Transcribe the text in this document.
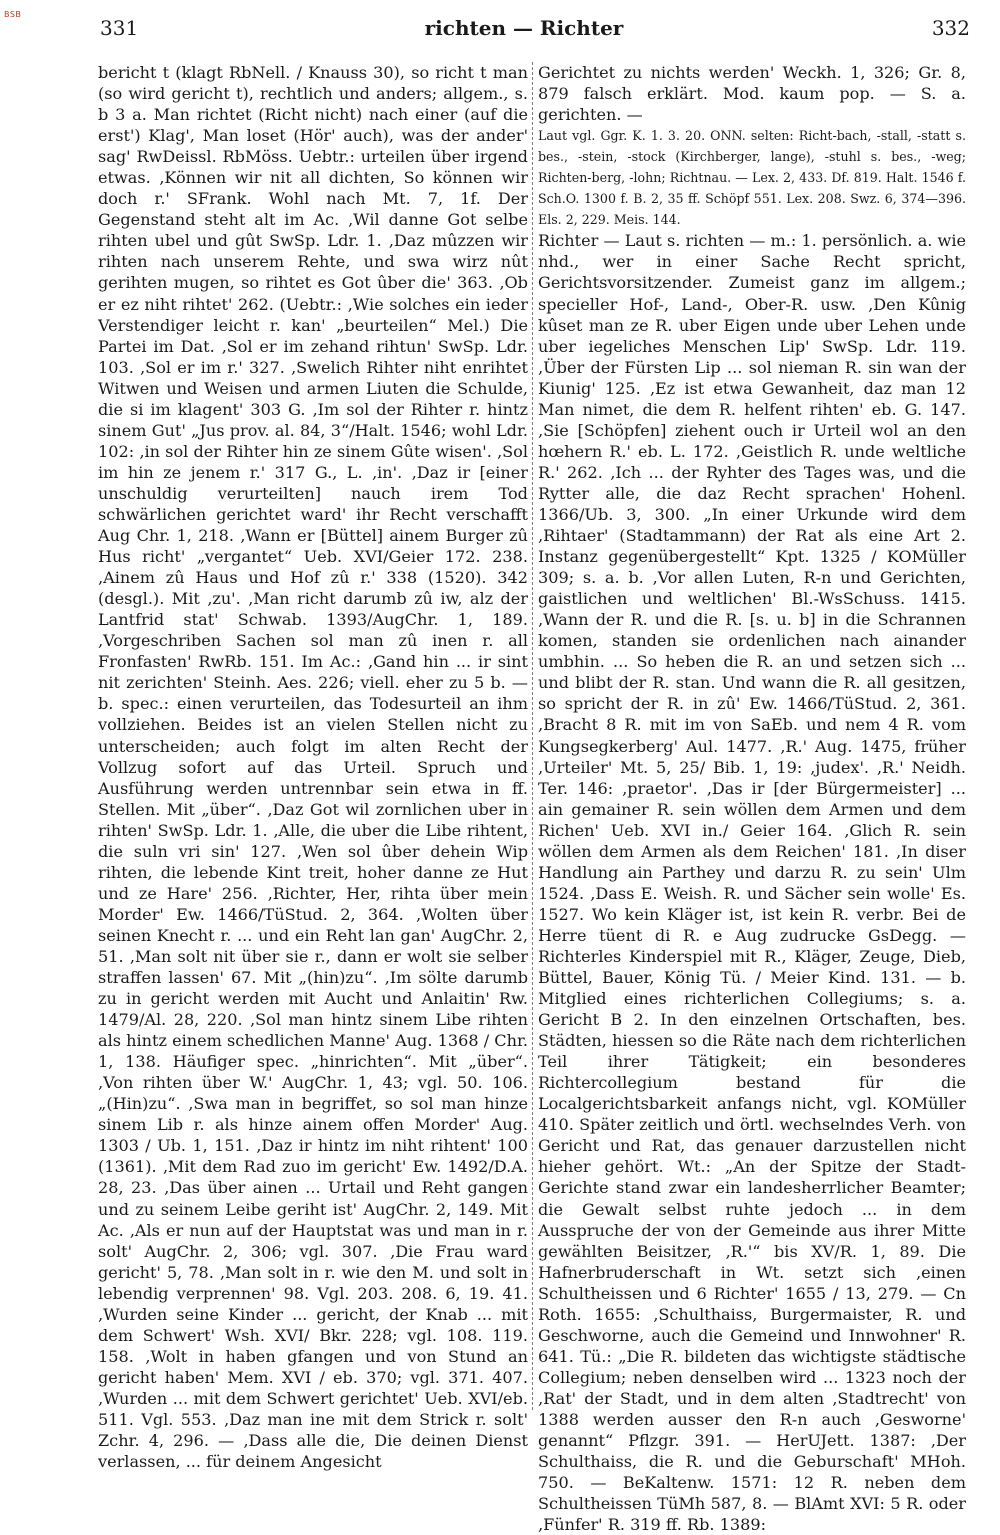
BSB
331	richten — Richter	332

bericht t (klagt RbNell. / Knauss 30), so richt t man (so wird gericht t), rechtlich und anders; allgem., s. b 3 a. Man richtet (Richt nicht) nach einer (auf die erst') Klag', Man loset (Hör' auch), was der ander' sag' RwDeissl. RbMöss. Uebtr.: urteilen über irgend etwas. ‚Können wir nit all dichten, So können wir doch r.' SFrank. Wohl nach Mt. 7, 1f. Der Gegenstand steht alt im Ac. ‚Wil danne Got selbe rihten ubel und gût SwSp. Ldr. 1. ‚Daz mûzzen wir rihten nach unserem Rehte, und swa wirz nût gerihten mugen, so rihtet es Got ûber die' 363. ‚Ob er ez niht rihtet' 262. (Uebtr.: ‚Wie solches ein ieder Verstendiger leicht r. kan' „beurteilen“ Mel.) Die Partei im Dat. ‚Sol er im zehand rihtun' SwSp. Ldr. 103. ‚Sol er im r.' 327. ‚Swelich Rihter niht enrihtet Witwen und Weisen und armen Liuten die Schulde, die si im klagent' 303 G. ‚Im sol der Rihter r. hintz sinem Gut' „Jus prov. al. 84, 3“/Halt. 1546; wohl Ldr. 102: ‚in sol der Rihter hin ze sinem Gûte wisen'. ‚Sol im hin ze jenem r.' 317 G., L. ‚in'. ‚Daz ir [einer unschuldig verurteilten] nauch irem Tod schwärlichen gerichtet ward' ihr Recht verschafft Aug Chr. 1, 218. ‚Wann er [Büttel] ainem Burger zû Hus richt' „vergantet“ Ueb. XVI/Geier 172. 238. ‚Ainem zû Haus und Hof zû r.' 338 (1520). 342 (desgl.). Mit ‚zu'. ‚Man richt darumb zû iw, alz der Lantfrid stat' Schwab. 1393/AugChr. 1, 189. ‚Vorgeschriben Sachen sol man zû inen r. all Fronfasten' RwRb. 151. Im Ac.: ‚Gand hin ... ir sint nit zerichten' Steinh. Aes. 226; viell. eher zu 5 b. — b. spec.: einen verurteilen, das Todesurteil an ihm vollziehen. Beides ist an vielen Stellen nicht zu unterscheiden; auch folgt im alten Recht der Vollzug sofort auf das Urteil. Spruch und Ausführung werden untrennbar sein etwa in ff. Stellen. Mit „über“. ‚Daz Got wil zornlichen uber in rihten' SwSp. Ldr. 1. ‚Alle, die uber die Libe rihtent, die suln vri sin' 127. ‚Wen sol ûber dehein Wip rihten, die lebende Kint treit, hoher danne ze Hut und ze Hare' 256. ‚Richter, Her, rihta über mein Morder' Ew. 1466/TüStud. 2, 364. ‚Wolten über seinen Knecht r. ... und ein Reht lan gan' AugChr. 2, 51. ‚Man solt nit über sie r., dann er wolt sie selber straffen lassen' 67. Mit „(hin)zu“. ‚Im sölte darumb zu in gericht werden mit Aucht und Anlaitin' Rw. 1479/Al. 28, 220. ‚Sol man hintz sinem Libe rihten als hintz einem schedlichen Manne' Aug. 1368 / Chr. 1, 138. Häufiger spec. „hinrichten“. Mit „über“. ‚Von rihten über W.' AugChr. 1, 43; vgl. 50. 106. „(Hin)zu“. ‚Swa man in begriffet, so sol man hinze sinem Lib r. als hinze ainem offen Morder' Aug. 1303 / Ub. 1, 151. ‚Daz ir hintz im niht rihtent' 100 (1361). ‚Mit dem Rad zuo im gericht' Ew. 1492/D.A. 28, 23. ‚Das über ainen ... Urtail und Reht gangen und zu seinem Leibe geriht ist' AugChr. 2, 149. Mit Ac. ‚Als er nun auf der Hauptstat was und man in r. solt' AugChr. 2, 306; vgl. 307. ‚Die Frau ward gericht' 5, 78. ‚Man solt in r. wie den M. und solt in lebendig verprennen' 98. Vgl. 203. 208. 6, 19. 41. ‚Wurden seine Kinder ... gericht, der Knab ... mit dem Schwert' Wsh. XVI/ Bkr. 228; vgl. 108. 119. 158. ‚Wolt in haben gfangen und von Stund an gericht haben' Mem. XVI / eb. 370; vgl. 371. 407. ‚Wurden ... mit dem Schwert gerichtet' Ueb. XVI/eb. 511. Vgl. 553. ‚Daz man ine mit dem Strick r. solt' Zchr. 4, 296. — ‚Dass alle die, Die deinen Dienst verlassen, ... für deinem Angesicht

Gerichtet zu nichts werden' Weckh. 1, 326; Gr. 8, 879 falsch erklärt. Mod. kaum pop. — S. a. gerichten. —

Laut vgl. Ggr. K. 1. 3. 20. ONN. selten: Richt-bach, -stall, -statt s. bes., -stein, -stock (Kirchberger, lange), -stuhl s. bes., -weg; Richten-berg, -lohn; Richtnau. — Lex. 2, 433. Df. 819. Halt. 1546 f. Sch.O. 1300 f. B. 2, 35 ff. Schöpf 551. Lex. 208. Swz. 6, 374—396. Els. 2, 229. Meis. 144.

Richter — Laut s. richten — m.: 1. persönlich. a. wie nhd., wer in einer Sache Recht spricht, Gerichtsvorsitzender. Zumeist ganz im allgem.; specieller Hof-, Land-, Ober-R. usw. ‚Den Kûnig kûset man ze R. uber Eigen unde uber Lehen unde uber iegeliches Menschen Lip' SwSp. Ldr. 119. ‚Über der Fürsten Lip ... sol nieman R. sin wan der Kiunig' 125. ‚Ez ist etwa Gewanheit, daz man 12 Man nimet, die dem R. helfent rihten' eb. G. 147. ‚Sie [Schöpfen] ziehent ouch ir Urteil wol an den hœhern R.' eb. L. 172. ‚Geistlich R. unde weltliche R.' 262. ‚Ich ... der Ryhter des Tages was, und die Rytter alle, die daz Recht sprachen' Hohenl. 1366/Ub. 3, 300. „In einer Urkunde wird dem ‚Rihtaer' (Stadtammann) der Rat als eine Art 2. Instanz gegenübergestellt“ Kpt. 1325 / KOMüller 309; s. a. b. ‚Vor allen Luten, R-n und Gerichten, gaistlichen und weltlichen' Bl.-WsSchuss. 1415. ‚Wann der R. und die R. [s. u. b] in die Schrannen komen, standen sie ordenlichen nach ainander umbhin. ... So heben die R. an und setzen sich ... und blibt der R. stan. Und wann die R. all gesitzen, so spricht der R. in zû' Ew. 1466/TüStud. 2, 361. ‚Bracht 8 R. mit im von SaEb. und nem 4 R. vom Kungsegkerberg' Aul. 1477. ‚R.' Aug. 1475, früher ‚Urteiler' Mt. 5, 25/ Bib. 1, 19: ‚judex'. ‚R.' Neidh. Ter. 146: ‚praetor'. ‚Das ir [der Bürgermeister] ... ain gemainer R. sein wöllen dem Armen und dem Richen' Ueb. XVI in./ Geier 164. ‚Glich R. sein wöllen dem Armen als dem Reichen' 181. ‚In diser Handlung ain Parthey und darzu R. zu sein' Ulm 1524. ‚Dass E. Weish. R. und Sächer sein wolle' Es. 1527. Wo kein Kläger ist, ist kein R. verbr. Bei de Herre tüent di R. e Aug zudrucke GsDegg. — Richterles Kinderspiel mit R., Kläger, Zeuge, Dieb, Büttel, Bauer, König Tü. / Meier Kind. 131. — b. Mitglied eines richterlichen Collegiums; s. a. Gericht B 2. In den einzelnen Ortschaften, bes. Städten, hiessen so die Räte nach dem richterlichen Teil ihrer Tätigkeit; ein besonderes Richtercollegium bestand für die Localgerichtsbarkeit anfangs nicht, vgl. KOMüller 410. Später zeitlich und örtl. wechselndes Verh. von Gericht und Rat, das genauer darzustellen nicht hieher gehört. Wt.: „An der Spitze der Stadt-Gerichte stand zwar ein landesherrlicher Beamter; die Gewalt selbst ruhte jedoch ... in dem Ausspruche der von der Gemeinde aus ihrer Mitte gewählten Beisitzer, ‚R.'“ bis XV/R. 1, 89. Die Hafnerbruderschaft in Wt. setzt sich ‚einen Schultheissen und 6 Richter' 1655 / 13, 279. — Cn Roth. 1655: ‚Schulthaiss, Burgermaister, R. und Geschworne, auch die Gemeind und Innwohner' R. 641. Tü.: „Die R. bildeten das wichtigste städtische Collegium; neben denselben wird ... 1323 noch der ‚Rat' der Stadt, und in dem alten ‚Stadtrecht' von 1388 werden ausser den R-n auch ‚Gesworne' genannt“ Pflzgr. 391. — HerUJett. 1387: ‚Der Schulthaiss, die R. und die Geburschaft' MHoh. 750. — BeKaltenw. 1571: 12 R. neben dem Schultheissen TüMh 587, 8. — BlAmt XVI: 5 R. oder ‚Fünfer' R. 319 ff. Rb. 1389:
